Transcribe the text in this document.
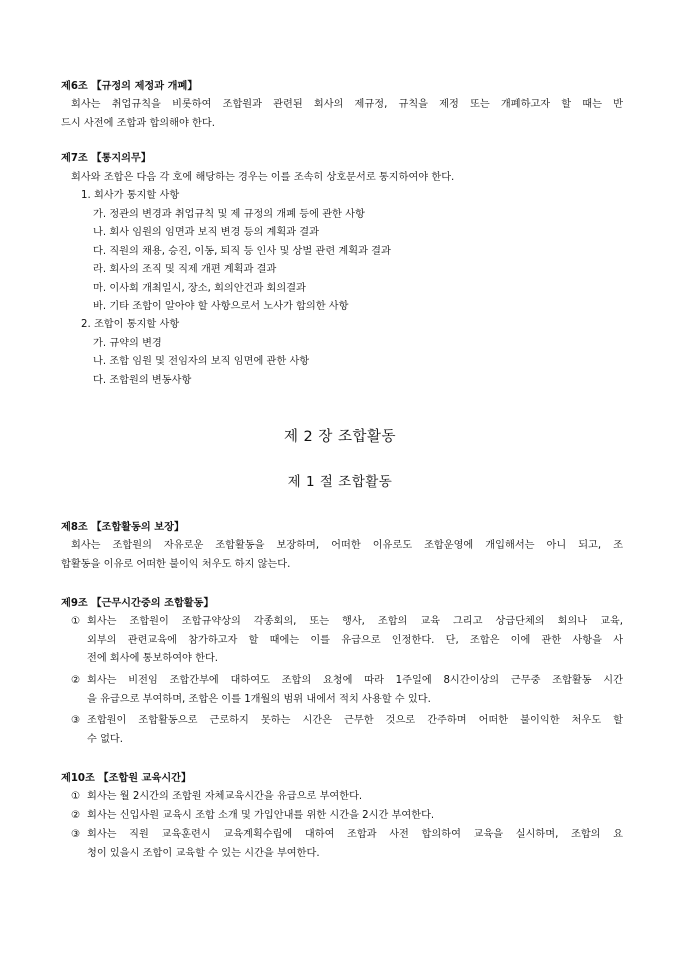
제6조 【규정의 제정과 개폐】
회사는 취업규칙을 비롯하여 조합원과 관련된 회사의 제규정, 규칙을 제정 또는 개폐하고자 할 때는 반
드시 사전에 조합과 합의해야 한다.
제7조 【통지의무】
회사와 조합은 다음 각 호에 해당하는 경우는 이를 조속히 상호문서로 통지하여야 한다.
1. 회사가 통지할 사항
가. 정관의 변경과 취업규칙 및 제 규정의 개폐 등에 관한 사항
나. 회사 임원의 임면과 보직 변경 등의 계획과 결과
다. 직원의 채용, 승진, 이동, 퇴직 등 인사 및 상벌 관련 계획과 결과
라. 회사의 조직 및 직제 개편 계획과 결과
마. 이사회 개최일시, 장소, 회의안건과 회의결과
바. 기타 조합이 알아야 할 사항으로서 노사가 합의한 사항
2. 조합이 통지할 사항
가. 규약의 변경
나. 조합 임원 및 전임자의 보직 임면에 관한 사항
다. 조합원의 변동사항
제 2 장 조합활동
제 1 절 조합활동
제8조 【조합활동의 보장】
회사는 조합원의 자유로운 조합활동을 보장하며, 어떠한 이유로도 조합운영에 개입해서는 아니 되고, 조
합활동을 이유로 어떠한 불이익 처우도 하지 않는다.
제9조 【근무시간중의 조합활동】
① 회사는 조합원이 조합규약상의 각종회의, 또는 행사, 조합의 교육 그리고 상급단체의 회의나 교육,
외부의 관련교육에 참가하고자 할 때에는 이를 유급으로 인정한다. 단, 조합은 이에 관한 사항을 사
전에 회사에 통보하여야 한다.
② 회사는 비전임 조합간부에 대하여도 조합의 요청에 따라 1주일에 8시간이상의 근무중 조합활동 시간
을 유급으로 부여하며, 조합은 이를 1개월의 범위 내에서 적치 사용할 수 있다.
③ 조합원이 조합활동으로 근로하지 못하는 시간은 근무한 것으로 간주하며 어떠한 불이익한 처우도 할
수 없다.
제10조 【조합원 교육시간】
① 회사는 월 2시간의 조합원 자체교육시간을 유급으로 부여한다.
② 회사는 신입사원 교육시 조합 소개 및 가입안내를 위한 시간을 2시간 부여한다.
③ 회사는 직원 교육훈련시 교육계획수립에 대하여 조합과 사전 합의하여 교육을 실시하며, 조합의 요
청이 있을시 조합이 교육할 수 있는 시간을 부여한다.
